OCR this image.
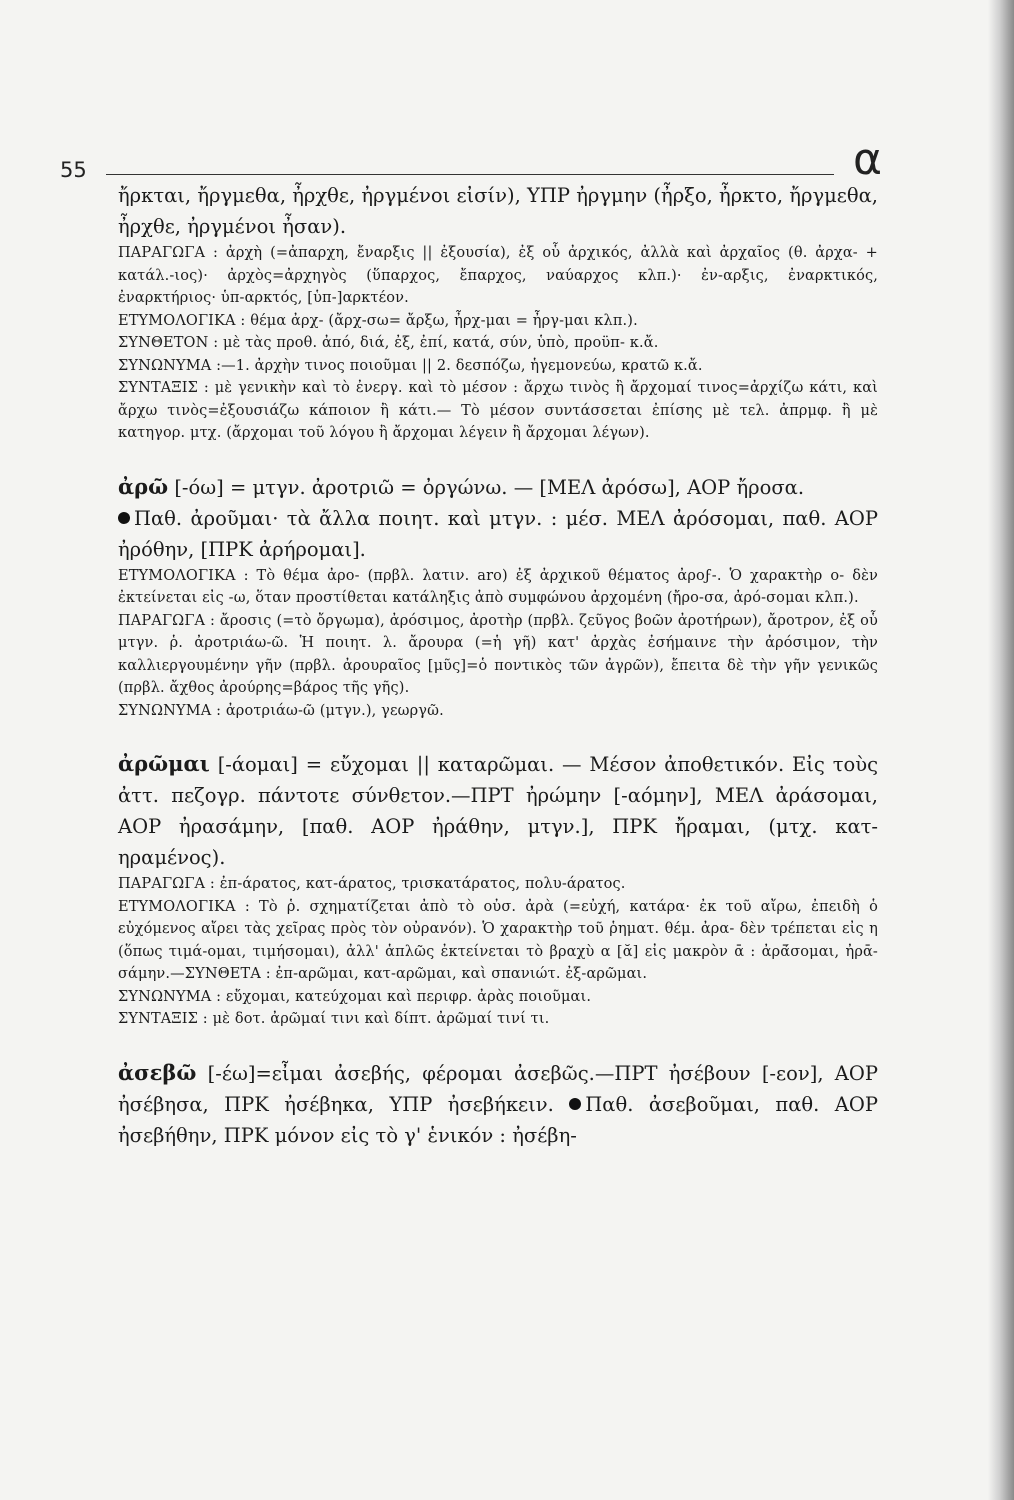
55	α

ἤρκται, ἤργμεθα, ἦρχθε, ἠργμένοι εἰσίν), ΥΠΡ ἠργμην (ἦρξο, ἦρκτο, ἤργμεθα, ἦρχθε, ἠργμένοι ἦσαν).

ΠΑΡΑΓΩΓΑ : ἀρχὴ (=ἀπαρχη, ἔναρξις || ἐξουσία), ἐξ οὗ ἀρχικός, ἀλλὰ καὶ ἀρχαῖος (θ. ἀρχα- + κατάλ.-ιος)· ἀρχὸς=ἀρχηγὸς (ὕπαρχος, ἔπαρχος, ναύαρχος κλπ.)· ἐν-αρξις, ἐναρκτικός, ἐναρκτήριος· ὑπ-αρκτός, [ὑπ-]αρκτέον.

ΕΤΥΜΟΛΟΓΙΚΑ : θέμα ἀρχ- (ἄρχ-σω= ἄρξω, ἦρχ-μαι = ἦργ-μαι κλπ.).

ΣΥΝΘΕΤΟΝ : μὲ τὰς προθ. ἀπό, διά, ἐξ, ἐπί, κατά, σύν, ὑπὸ, προϋπ- κ.ἄ.

ΣΥΝΩΝΥΜΑ :—1. ἀρχὴν τινος ποιοῦμαι || 2. δεσπόζω, ἡγεμονεύω, κρατῶ κ.ἄ.

ΣΥΝΤΑΞΙΣ : μὲ γενικὴν καὶ τὸ ἐνεργ. καὶ τὸ μέσον : ἄρχω τινὸς ἢ ἄρχομαί τινος=ἀρχίζω κάτι, καὶ ἄρχω τινὸς=ἐξουσιάζω κάποιον ἢ κάτι.— Τὸ μέσον συντάσσεται ἐπίσης μὲ τελ. ἀπρμφ. ἢ μὲ κατηγορ. μτχ. (ἄρχομαι τοῦ λόγου ἢ ἄρχομαι λέγειν ἢ ἄρχομαι λέγων).

ἀρῶ [-όω] = μτγν. ἀροτριῶ = ὀργώνω. — [ΜΕΛ ἀρόσω], ΑΟΡ ἤροσα.

Παθ. ἀροῦμαι· τὰ ἄλλα ποιητ. καὶ μτγν. : μέσ. ΜΕΛ ἀρόσομαι, παθ. ΑΟΡ ἠρόθην, [ΠΡΚ ἀρήρομαι].

ΕΤΥΜΟΛΟΓΙΚΑ : Τὸ θέμα ἀρο- (πρβλ. λατιν. aro) ἐξ ἀρχικοῦ θέματος ἀροϝ-. Ὁ χαρακτὴρ ο- δὲν ἐκτείνεται εἰς -ω, ὅταν προστίθεται κατάληξις ἀπὸ συμφώνου ἀρχομένη (ἤρο-σα, ἀρό-σομαι κλπ.).

ΠΑΡΑΓΩΓΑ : ἄροσις (=τὸ ὄργωμα), ἀρόσιμος, ἀροτὴρ (πρβλ. ζεῦγος βοῶν ἀροτήρων), ἄροτρον, ἐξ οὗ μτγν. ῥ. ἀροτριάω-ῶ. Ἡ ποιητ. λ. ἄρουρα (=ἡ γῆ) κατ' ἀρχὰς ἐσήμαινε τὴν ἀρόσιμον, τὴν καλλιεργουμένην γῆν (πρβλ. ἀρουραῖος [μῦς]=ὁ ποντικὸς τῶν ἀγρῶν), ἔπειτα δὲ τὴν γῆν γενικῶς (πρβλ. ἄχθος ἀρούρης=βάρος τῆς γῆς).

ΣΥΝΩΝΥΜΑ : ἀροτριάω-ῶ (μτγν.), γεωργῶ.

ἀρῶμαι [-άομαι] = εὔχομαι || καταρῶμαι. — Μέσον ἀποθετικόν. Εἰς τοὺς ἀττ. πεζογρ. πάντοτε σύνθετον.—ΠΡΤ ἠρώμην [-αόμην], ΜΕΛ ἀράσομαι, ΑΟΡ ἠρασάμην, [παθ. ΑΟΡ ἠράθην, μτγν.], ΠΡΚ ἤραμαι, (μτχ. κατ-ηραμένος).

ΠΑΡΑΓΩΓΑ : ἐπ-άρατος, κατ-άρατος, τρισκατάρατος, πολυ-άρατος.

ΕΤΥΜΟΛΟΓΙΚΑ : Τὸ ῥ. σχηματίζεται ἀπὸ τὸ οὐσ. ἀρὰ (=εὐχή, κατάρα· ἐκ τοῦ αἴρω, ἐπειδὴ ὁ εὐχόμενος αἴρει τὰς χεῖρας πρὸς τὸν οὐρανόν). Ὁ χαρακτὴρ τοῦ ῥηματ. θέμ. ἀρα- δὲν τρέπεται εἰς η (ὅπως τιμά-ομαι, τιμήσομαι), ἀλλ' ἁπλῶς ἐκτείνεται τὸ βραχὺ α [ᾰ] εἰς μακρὸν ᾱ : ἀρᾱ́σομαι, ἠρᾱ-σάμην.—ΣΥΝΘΕΤΑ : ἐπ-αρῶμαι, κατ-αρῶμαι, καὶ σπανιώτ. ἐξ-αρῶμαι.

ΣΥΝΩΝΥΜΑ : εὔχομαι, κατεύχομαι καὶ περιφρ. ἀρὰς ποιοῦμαι.

ΣΥΝΤΑΞΙΣ : μὲ δοτ. ἀρῶμαί τινι καὶ δίπτ. ἀρῶμαί τινί τι.

ἀσεβῶ [-έω]=εἶμαι ἀσεβής, φέρομαι ἀσεβῶς.—ΠΡΤ ἠσέβουν [-εον], ΑΟΡ ἠσέβησα, ΠΡΚ ἠσέβηκα, ΥΠΡ ἠσεβήκειν. Παθ. ἀσεβοῦμαι, παθ. ΑΟΡ ἠσεβήθην, ΠΡΚ μόνον εἰς τὸ γ' ἑνικόν : ἠσέβη-
